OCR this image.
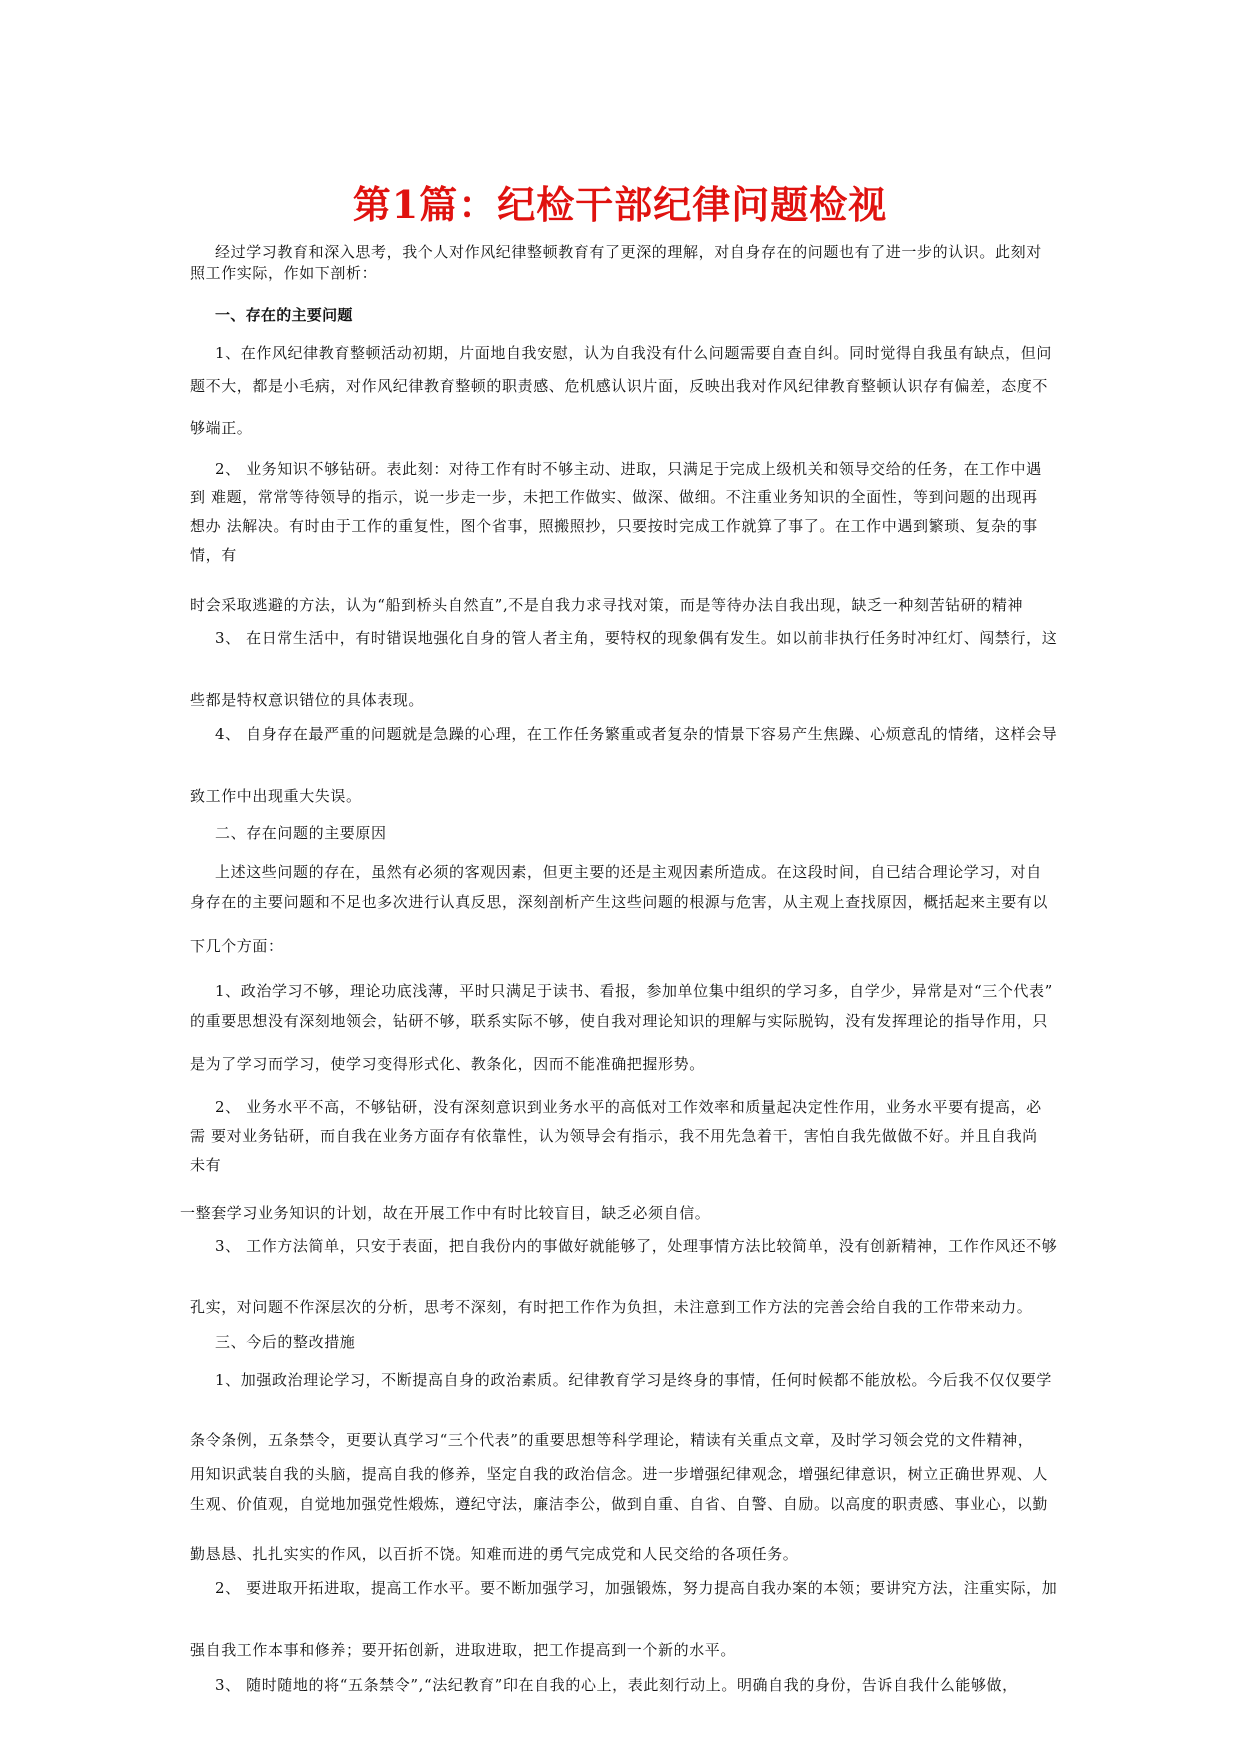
第1篇：纪检干部纪律问题检视
经过学习教育和深入思考，我个人对作风纪律整顿教育有了更深的理解，对自身存在的问题也有了进一步的认识。此刻对
照工作实际，作如下剖析：
一、存在的主要问题
1、在作风纪律教育整顿活动初期，片面地自我安慰，认为自我没有什么问题需要自查自纠。同时觉得自我虽有缺点，但问
题不大，都是小毛病，对作风纪律教育整顿的职责感、危机感认识片面，反映出我对作风纪律教育整顿认识存有偏差，态度不
够端正。
2、 业务知识不够钻研。表此刻：对待工作有时不够主动、进取，只满足于完成上级机关和领导交给的任务，在工作中遇
到 难题，常常等待领导的指示，说一步走一步，未把工作做实、做深、做细。不注重业务知识的全面性，等到问题的出现再
想办 法解决。有时由于工作的重复性，图个省事，照搬照抄，只要按时完成工作就算了事了。在工作中遇到繁琐、复杂的事
情，有
时会采取逃避的方法，认为“船到桥头自然直”,不是自我力求寻找对策，而是等待办法自我出现，缺乏一种刻苦钻研的精神
3、 在日常生活中，有时错误地强化自身的管人者主角，要特权的现象偶有发生。如以前非执行任务时冲红灯、闯禁行，这
些都是特权意识错位的具体表现。
4、 自身存在最严重的问题就是急躁的心理，在工作任务繁重或者复杂的情景下容易产生焦躁、心烦意乱的情绪，这样会导
致工作中出现重大失误。
二、存在问题的主要原因
上述这些问题的存在，虽然有必须的客观因素，但更主要的还是主观因素所造成。在这段时间，自已结合理论学习，对自
身存在的主要问题和不足也多次进行认真反思，深刻剖析产生这些问题的根源与危害，从主观上查找原因，概括起来主要有以
下几个方面：
1、政治学习不够，理论功底浅薄，平时只满足于读书、看报，参加单位集中组织的学习多，自学少，异常是对“三个代表”
的重要思想没有深刻地领会，钻研不够，联系实际不够，使自我对理论知识的理解与实际脱钩，没有发挥理论的指导作用，只
是为了学习而学习，使学习变得形式化、教条化，因而不能准确把握形势。
2、 业务水平不高，不够钻研，没有深刻意识到业务水平的高低对工作效率和质量起决定性作用，业务水平要有提高，必
需 要对业务钻研，而自我在业务方面存有依靠性，认为领导会有指示，我不用先急着干，害怕自我先做做不好。并且自我尚
未有
一整套学习业务知识的计划，故在开展工作中有时比较盲目，缺乏必须自信。
3、 工作方法简单，只安于表面，把自我份内的事做好就能够了，处理事情方法比较简单，没有创新精神，工作作风还不够
孔实，对问题不作深层次的分析，思考不深刻，有时把工作作为负担，未注意到工作方法的完善会给自我的工作带来动力。
三、今后的整改措施
1、加强政治理论学习，不断提高自身的政治素质。纪律教育学习是终身的事情，任何时候都不能放松。今后我不仅仅要学
条令条例，五条禁令，更要认真学习“三个代表”的重要思想等科学理论，精读有关重点文章，及时学习领会党的文件精神，
用知识武装自我的头脑，提高自我的修养，坚定自我的政治信念。进一步增强纪律观念，增强纪律意识，树立正确世界观、人
生观、价值观，自觉地加强党性煅炼，遵纪守法，廉洁李公，做到自重、自省、自警、自励。以高度的职责感、事业心，以勤
勤恳恳、扎扎实实的作风，以百折不饶。知难而进的勇气完成党和人民交给的各项任务。
2、 要进取开拓进取，提高工作水平。要不断加强学习，加强锻炼，努力提高自我办案的本领；要讲究方法，注重实际，加
强自我工作本事和修养；要开拓创新，进取进取，把工作提高到一个新的水平。
3、 随时随地的将“五条禁令”,“法纪教育”印在自我的心上，表此刻行动上。明确自我的身份，告诉自我什么能够做，
